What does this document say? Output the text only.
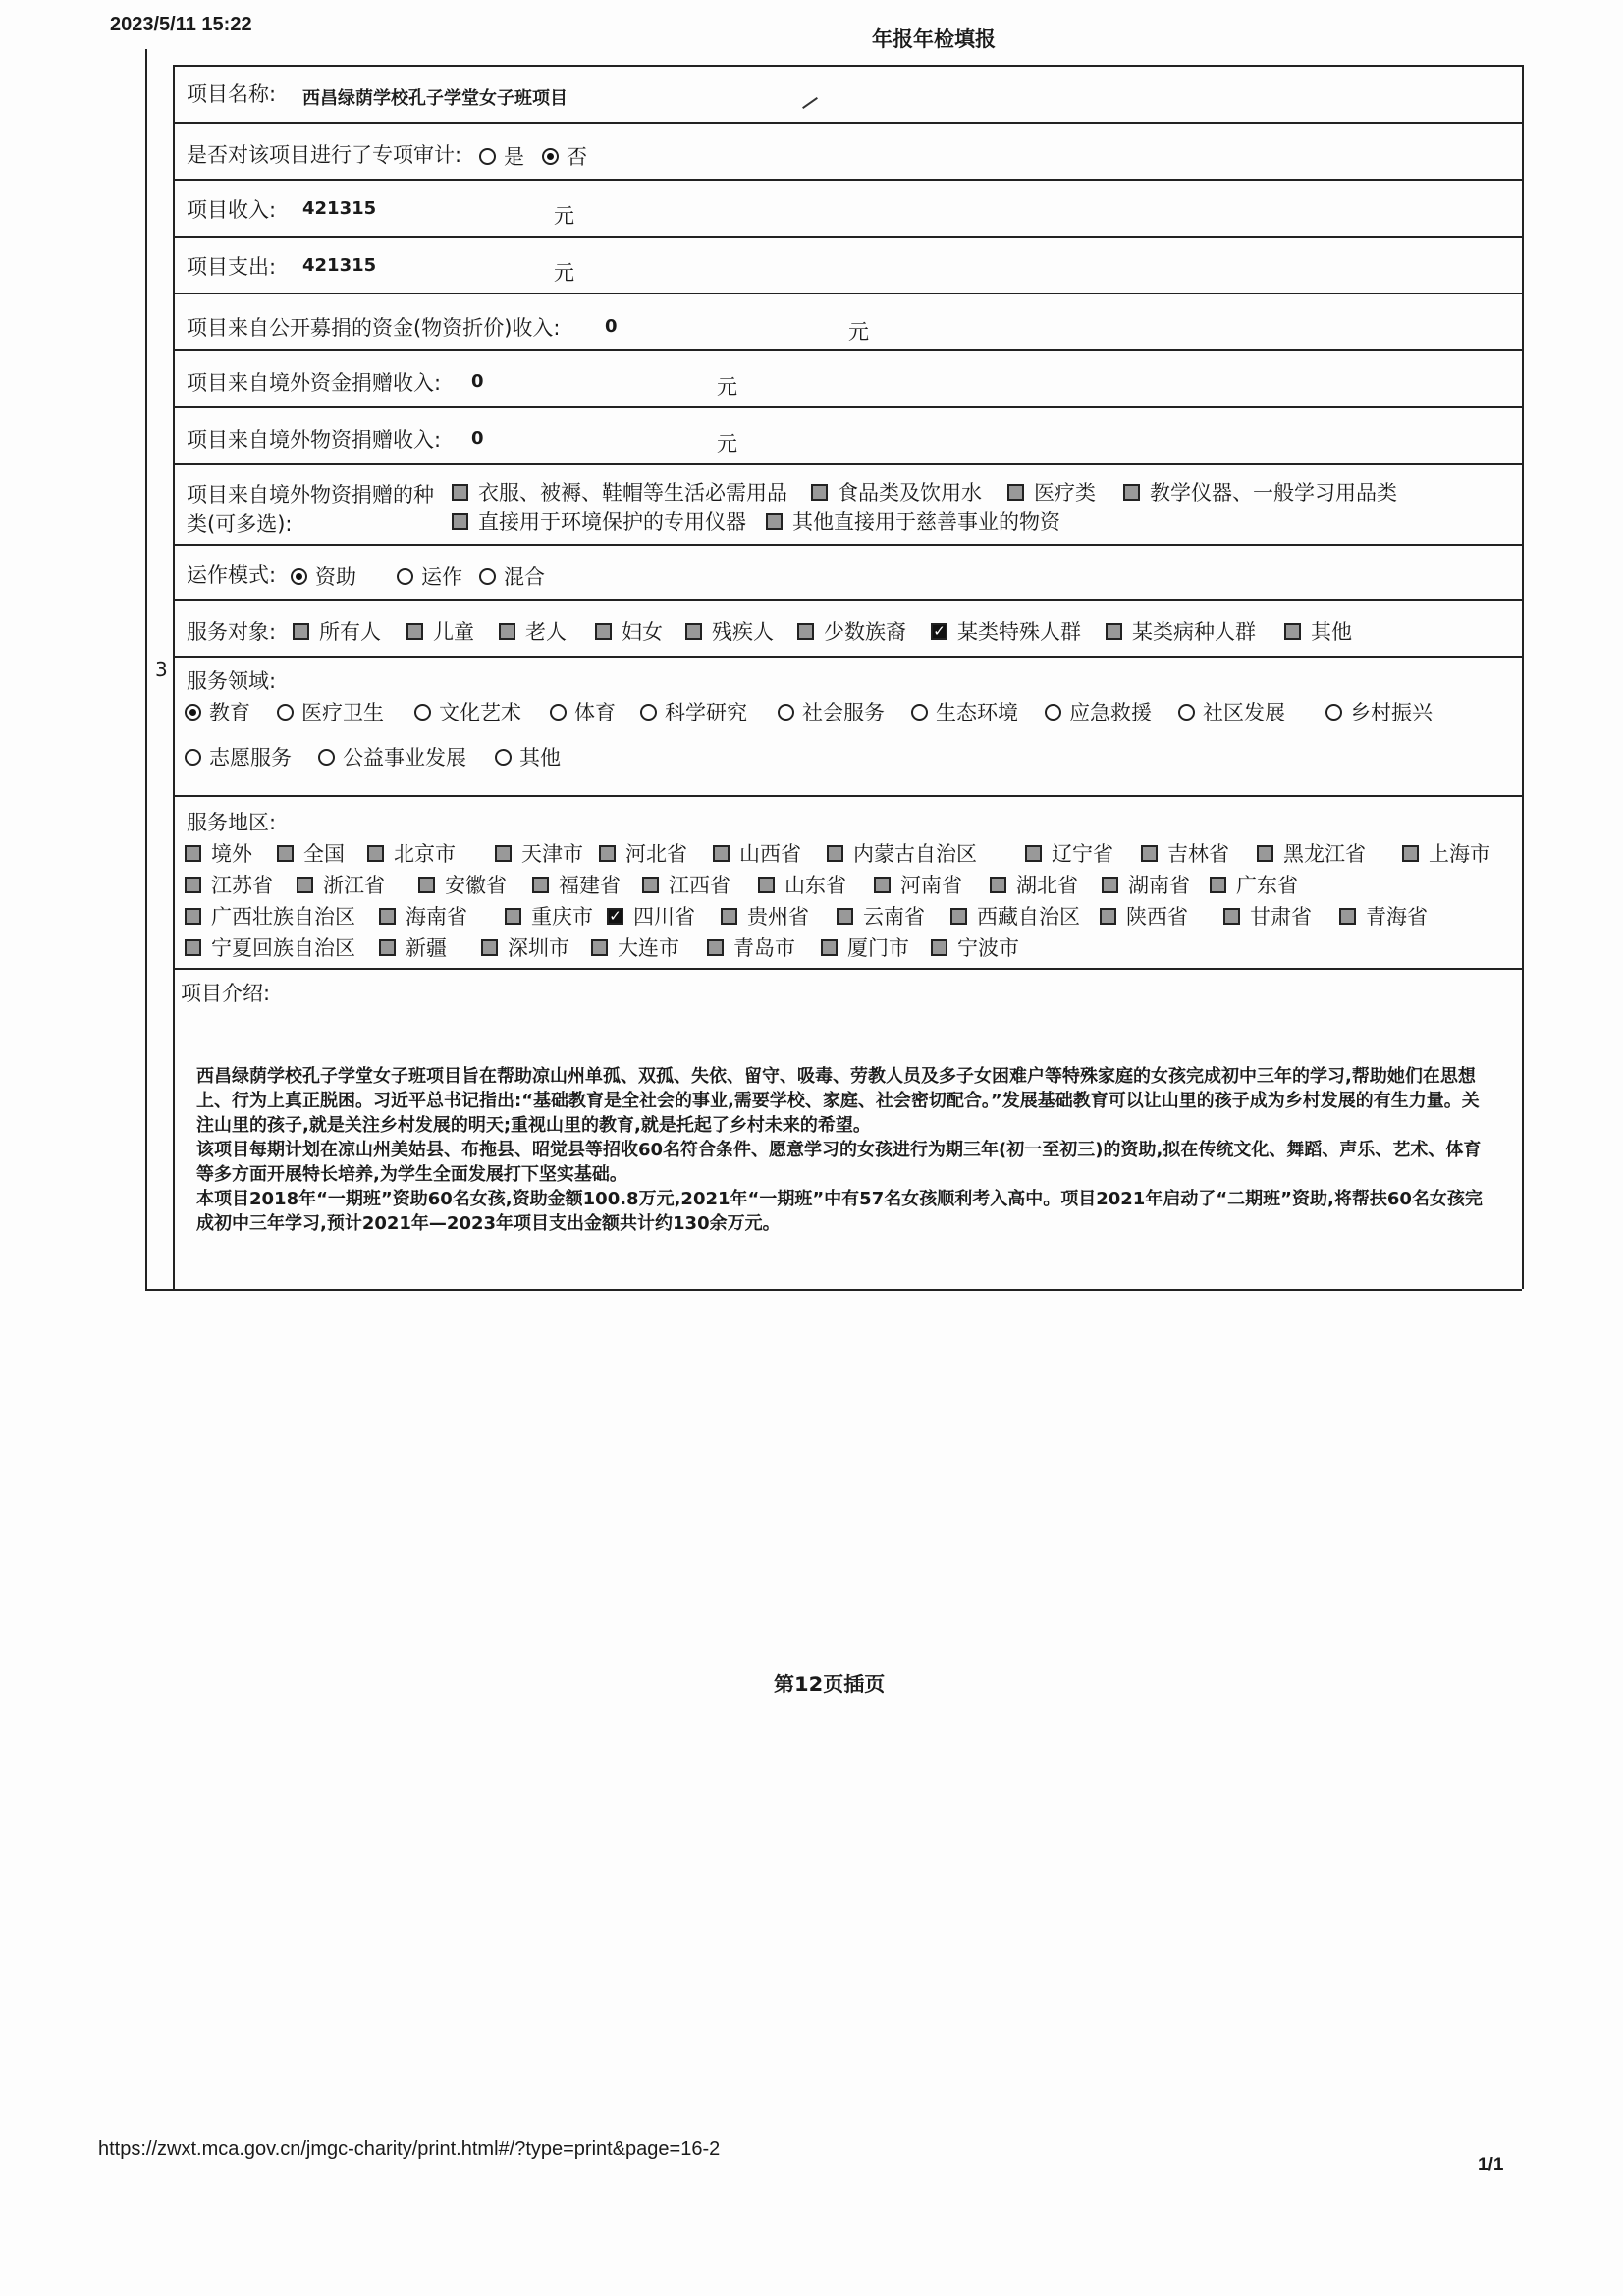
2023/5/11 15:22
年报年检填报
3
项目名称: 西昌绿荫学校孔子学堂女子班项目
是否对该项目进行了专项审计: 是 否
项目收入: 421315	元
项目支出: 421315	元
项目来自公开募捐的资金(物资折价)收入:	0	元
项目来自境外资金捐赠收入: 0	元
项目来自境外物资捐赠收入: 0	元
项目来自境外物资捐赠的种
类(可多选):
衣服、被褥、鞋帽等生活必需用品 食品类及饮用水	医疗类	教学仪器、一般学习用品类
直接用于环境保护的专用仪器 其他直接用于慈善事业的物资
运作模式: 资助	运作 混合
服务对象: 所有人	儿童 老人	妇女 残疾人 少数族裔 ✓ 某类特殊人群 某类病种人群	其他
服务领域:
教育 医疗卫生	文化艺术	体育 科学研究	社会服务 生态环境 应急救援 社区发展	乡村振兴
志愿服务 公益事业发展	其他
服务地区:
境外 全国 北京市	天津市 河北省	山西省	内蒙古自治区	辽宁省	吉林省	黑龙江省	上海市
江苏省 浙江省	安徽省	福建省 江西省	山东省	河南省	湖北省 湖南省 广东省
广西壮族自治区 海南省	重庆市 ✓ 四川省	贵州省	云南省	西藏自治区 陕西省	甘肃省	青海省
宁夏回族自治区 新疆	深圳市 大连市	青岛市	厦门市 宁波市
项目介绍:

西昌绿荫学校孔子学堂女子班项目旨在帮助凉山州单孤、双孤、失依、留守、吸毒、劳教人员及多子女困难户等特殊家庭的女孩完成初中三年的学习,帮助她们在思想上、行为上真正脱困。习近平总书记指出:“基础教育是全社会的事业,需要学校、家庭、社会密切配合。”发展基础教育可以让山里的孩子成为乡村发展的有生力量。关注山里的孩子,就是关注乡村发展的明天;重视山里的教育,就是托起了乡村未来的希望。

该项目每期计划在凉山州美姑县、布拖县、昭觉县等招收60名符合条件、愿意学习的女孩进行为期三年(初一至初三)的资助,拟在传统文化、舞蹈、声乐、艺术、体育等多方面开展特长培养,为学生全面发展打下坚实基础。

本项目2018年“一期班”资助60名女孩,资助金额100.8万元,2021年“一期班”中有57名女孩顺利考入高中。项目2021年启动了“二期班”资助,将帮扶60名女孩完成初中三年学习,预计2021年—2023年项目支出金额共计约130余万元。

第12页插页
https://zwxt.mca.gov.cn/jmgc-charity/print.html#/?type=print&page=16-2
1/1
